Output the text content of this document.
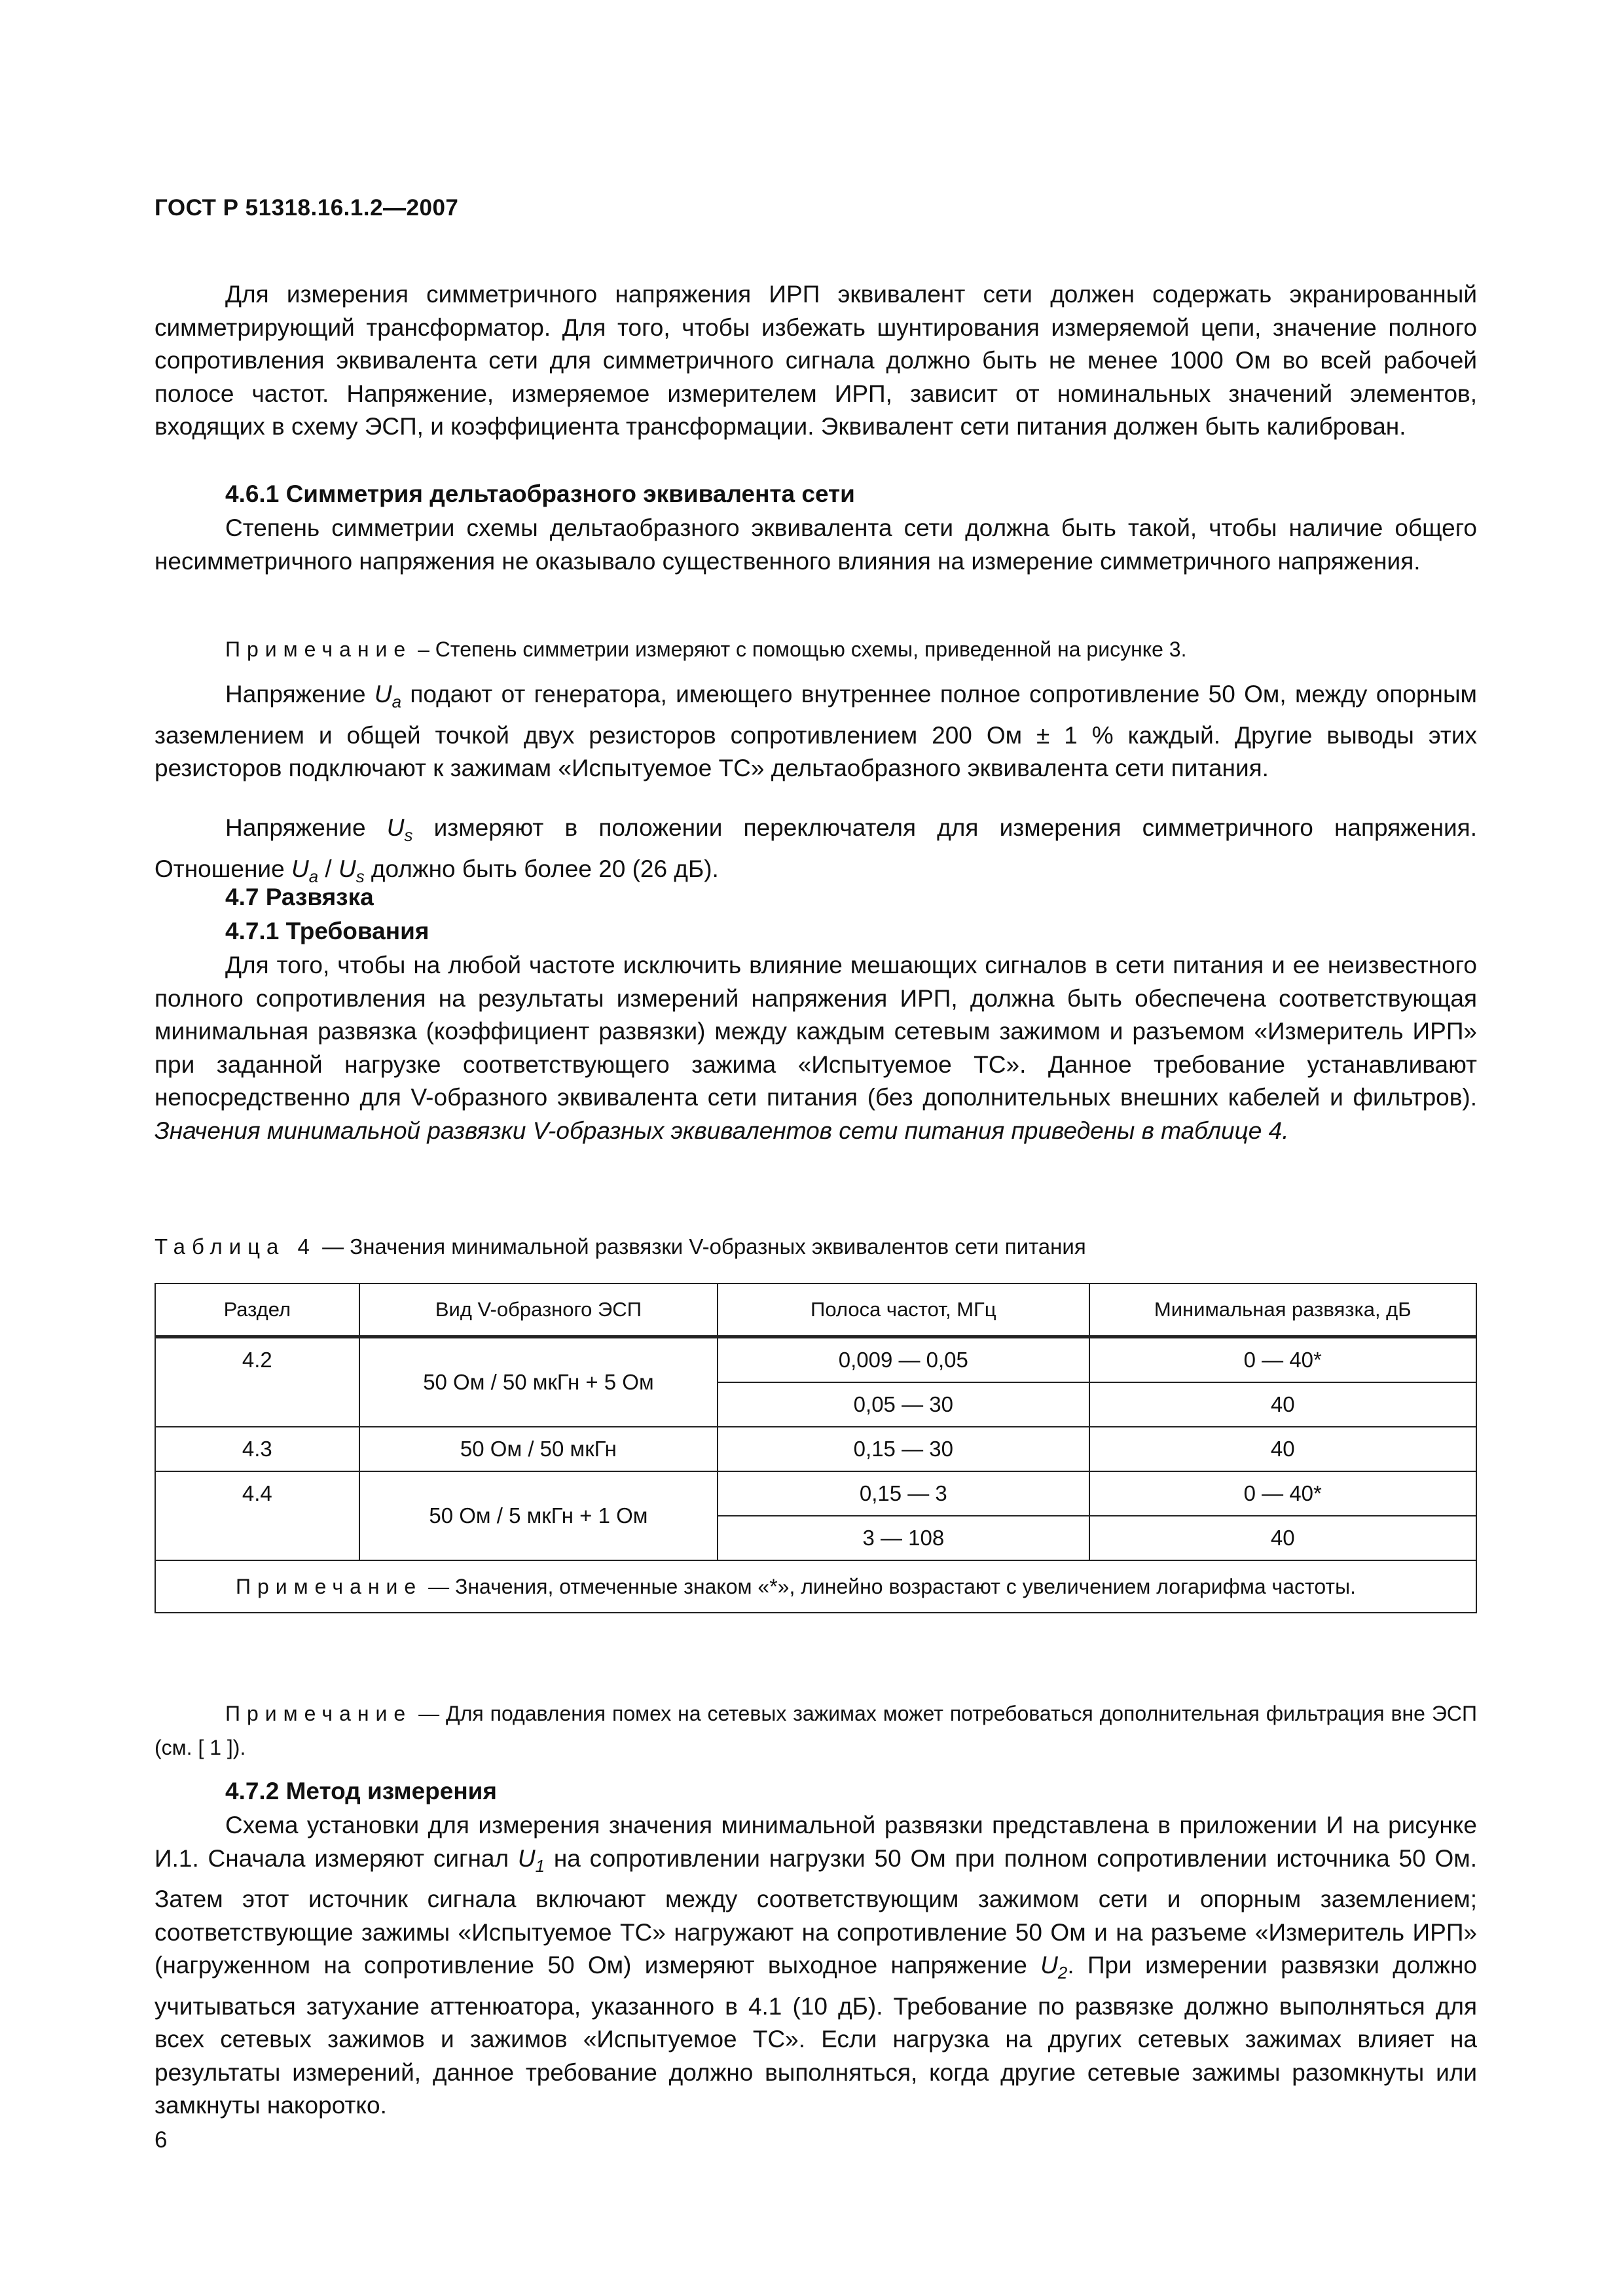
ГОСТ Р 51318.16.1.2—2007

Для измерения симметричного напряжения ИРП эквивалент сети должен содержать экранированный симметрирующий трансформатор. Для того, чтобы избежать шунтирования измеряемой цепи, значение полного сопротивления эквивалента сети для симметричного сигнала должно быть не менее 1000 Ом во всей рабочей полосе частот. Напряжение, измеряемое измерителем ИРП, зависит от номинальных значений элементов, входящих в схему ЭСП, и коэффициента трансформации. Эквивалент сети питания должен быть калиброван.

4.6.1 Симметрия дельтаобразного эквивалента сети

Степень симметрии схемы дельтаобразного эквивалента сети должна быть такой, чтобы наличие общего несимметричного напряжения не оказывало существенного влияния на измерение симметричного напряжения.

Примечание – Степень симметрии измеряют с помощью схемы, приведенной на рисунке 3.

Напряжение $U_a$ подают от генератора, имеющего внутреннее полное сопротивление 50 Ом, между опорным заземлением и общей точкой двух резисторов сопротивлением 200 Ом ± 1 % каждый. Другие выводы этих резисторов подключают к зажимам «Испытуемое ТС» дельтаобразного эквивалента сети питания.

Напряжение $U_s$ измеряют в положении переключателя для измерения симметричного напряжения. Отношение $U_a / U_s$ должно быть более 20 (26 дБ).

4.7 Развязка
4.7.1 Требования

Для того, чтобы на любой частоте исключить влияние мешающих сигналов в сети питания и ее неизвестного полного сопротивления на результаты измерений напряжения ИРП, должна быть обеспечена соответствующая минимальная развязка (коэффициент развязки) между каждым сетевым зажимом и разъемом «Измеритель ИРП» при заданной нагрузке соответствующего зажима «Испытуемое ТС». Данное требование устанавливают непосредственно для V-образного эквивалента сети питания (без дополнительных внешних кабелей и фильтров). Значения минимальной развязки V-образных эквивалентов сети питания приведены в таблице 4.

Таблица 4 — Значения минимальной развязки V-образных эквивалентов сети питания
Раздел	Вид V-образного ЭСП	Полоса частот, МГц	Минимальная развязка, дБ
4.2	50 Ом / 50 мкГн + 5 Ом	0,009 — 0,05	0 — 40*
		0,05 — 30	40
4.3	50 Ом / 50 мкГн	0,15 — 30	40
4.4	50 Ом / 5 мкГн + 1 Ом	0,15 — 3	0 — 40*
		3 — 108	40
Примечание — Значения, отмеченные знаком «*», линейно возрастают с увеличением логарифма частоты.			

Примечание — Для подавления помех на сетевых зажимах может потребоваться дополнительная фильтрация вне ЭСП (см. [ 1 ]).

4.7.2 Метод измерения

Схема установки для измерения значения минимальной развязки представлена в приложении И на рисунке И.1. Сначала измеряют сигнал $U_1$ на сопротивлении нагрузки 50 Ом при полном сопротивлении источника 50 Ом. Затем этот источник сигнала включают между соответствующим зажимом сети и опорным заземлением; соответствующие зажимы «Испытуемое ТС» нагружают на сопротивление 50 Ом и на разъеме «Измеритель ИРП» (нагруженном на сопротивление 50 Ом) измеряют выходное напряжение $U_2$. При измерении развязки должно учитываться затухание аттенюатора, указанного в 4.1 (10 дБ). Требование по развязке должно выполняться для всех сетевых зажимов и зажимов «Испытуемое ТС». Если нагрузка на других сетевых зажимах влияет на результаты измерений, данное требование должно выполняться, когда другие сетевые зажимы разомкнуты или замкнуты накоротко.

6
